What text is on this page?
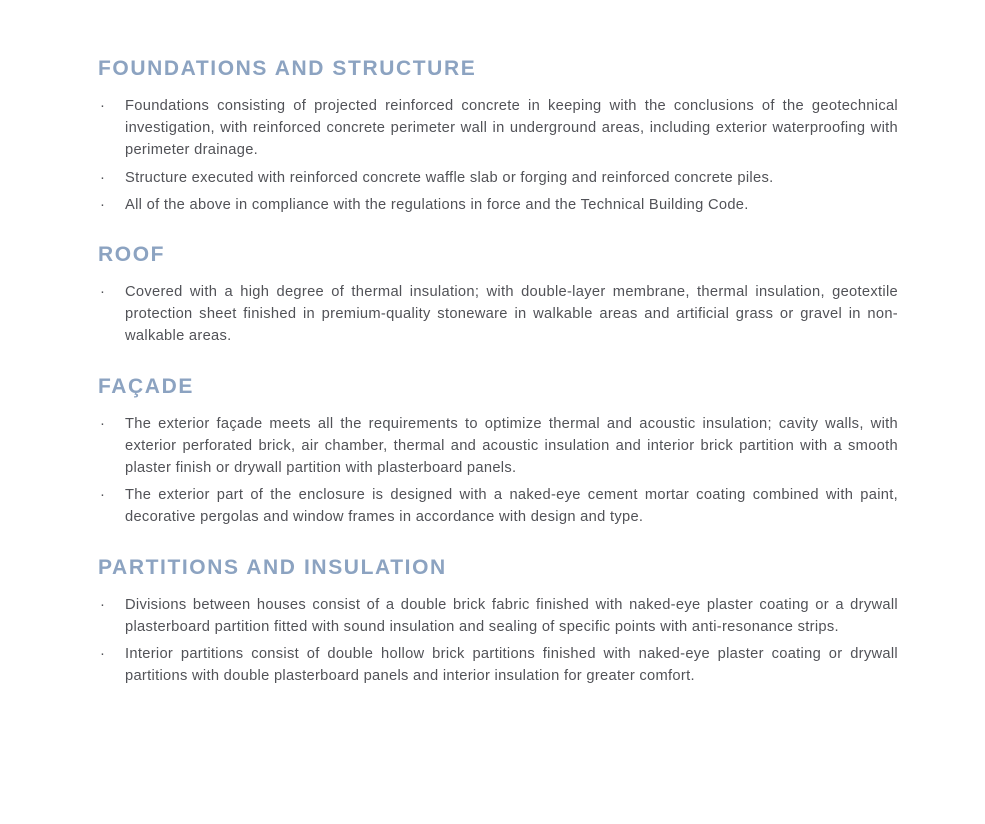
FOUNDATIONS AND STRUCTURE
· Foundations consisting of projected reinforced concrete in keeping with the conclusions of the geotechnical investigation, with reinforced concrete perimeter wall in underground areas, including exterior waterproofing with perimeter drainage.
· Structure executed with reinforced concrete waffle slab or forging and reinforced concrete piles.
· All of the above in compliance with the regulations in force and the Technical Building Code.
ROOF
· Covered with a high degree of thermal insulation; with double-layer membrane, thermal insulation, geotextile protection sheet finished in premium-quality stoneware in walkable areas and artificial grass or gravel in non-walkable areas.
FAÇADE
· The exterior façade meets all the requirements to optimize thermal and acoustic insulation; cavity walls, with exterior perforated brick, air chamber, thermal and acoustic insulation and interior brick partition with a smooth plaster finish or drywall partition with plasterboard panels.
· The exterior part of the enclosure is designed with a naked-eye cement mortar coating combined with paint, decorative pergolas and window frames in accordance with design and type.
PARTITIONS AND INSULATION
· Divisions between houses consist of a double brick fabric finished with naked-eye plaster coating or a drywall plasterboard partition fitted with sound insulation and sealing of specific points with anti-resonance strips.
· Interior partitions consist of double hollow brick partitions finished with naked-eye plaster coating or drywall partitions with double plasterboard panels and interior insulation for greater comfort.
